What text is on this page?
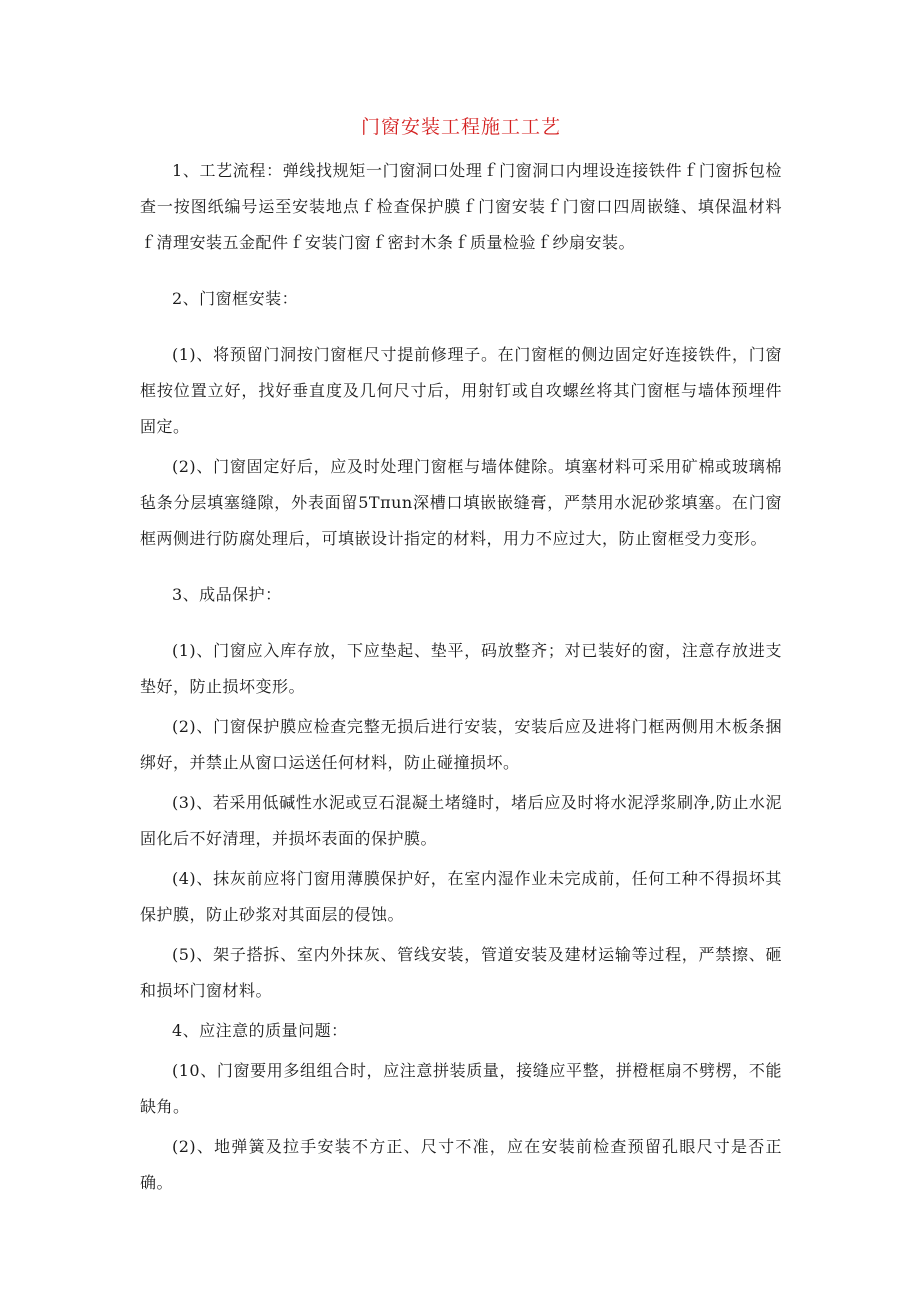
门窗安装工程施工工艺

1、工艺流程：弹线找规矩一门窗洞口处理ｆ门窗洞口内埋设连接铁件ｆ门窗拆包检查一按图纸编号运至安装地点ｆ检查保护膜ｆ门窗安装ｆ门窗口四周嵌缝、填保温材料ｆ清理安装五金配件ｆ安装门窗ｆ密封木条ｆ质量检验ｆ纱扇安装。

2、门窗框安装：

(1)、将预留门洞按门窗框尺寸提前修理子。在门窗框的侧边固定好连接铁件，门窗框按位置立好，找好垂直度及几何尺寸后，用射钉或自攻螺丝将其门窗框与墙体预埋件固定。

(2)、门窗固定好后，应及时处理门窗框与墙体健除。填塞材料可采用矿棉或玻璃棉毡条分层填塞缝隙，外表面留5Tπun深槽口填嵌嵌缝膏，严禁用水泥砂浆填塞。在门窗框两侧进行防腐处理后，可填嵌设计指定的材料，用力不应过大，防止窗框受力变形。

3、成品保护：

(1)、门窗应入库存放，下应垫起、垫平，码放整齐；对已装好的窗，注意存放进支垫好，防止损坏变形。

(2)、门窗保护膜应检查完整无损后进行安装，安装后应及进将门框两侧用木板条捆绑好，并禁止从窗口运送任何材料，防止碰撞损坏。

(3)、若采用低碱性水泥或豆石混凝土堵缝时，堵后应及时将水泥浮浆刷净,防止水泥固化后不好清理，并损坏表面的保护膜。

(4)、抹灰前应将门窗用薄膜保护好，在室内湿作业未完成前，任何工种不得损坏其保护膜，防止砂浆对其面层的侵蚀。

(5)、架子搭拆、室内外抹灰、管线安装，管道安装及建材运输等过程，严禁擦、砸和损坏门窗材料。

4、应注意的质量问题：

(10、门窗要用多组组合时，应注意拼装质量，接缝应平整，拼橙框扇不劈楞，不能缺角。

(2)、地弹簧及拉手安装不方正、尺寸不准，应在安装前检查预留孔眼尺寸是否正确。
